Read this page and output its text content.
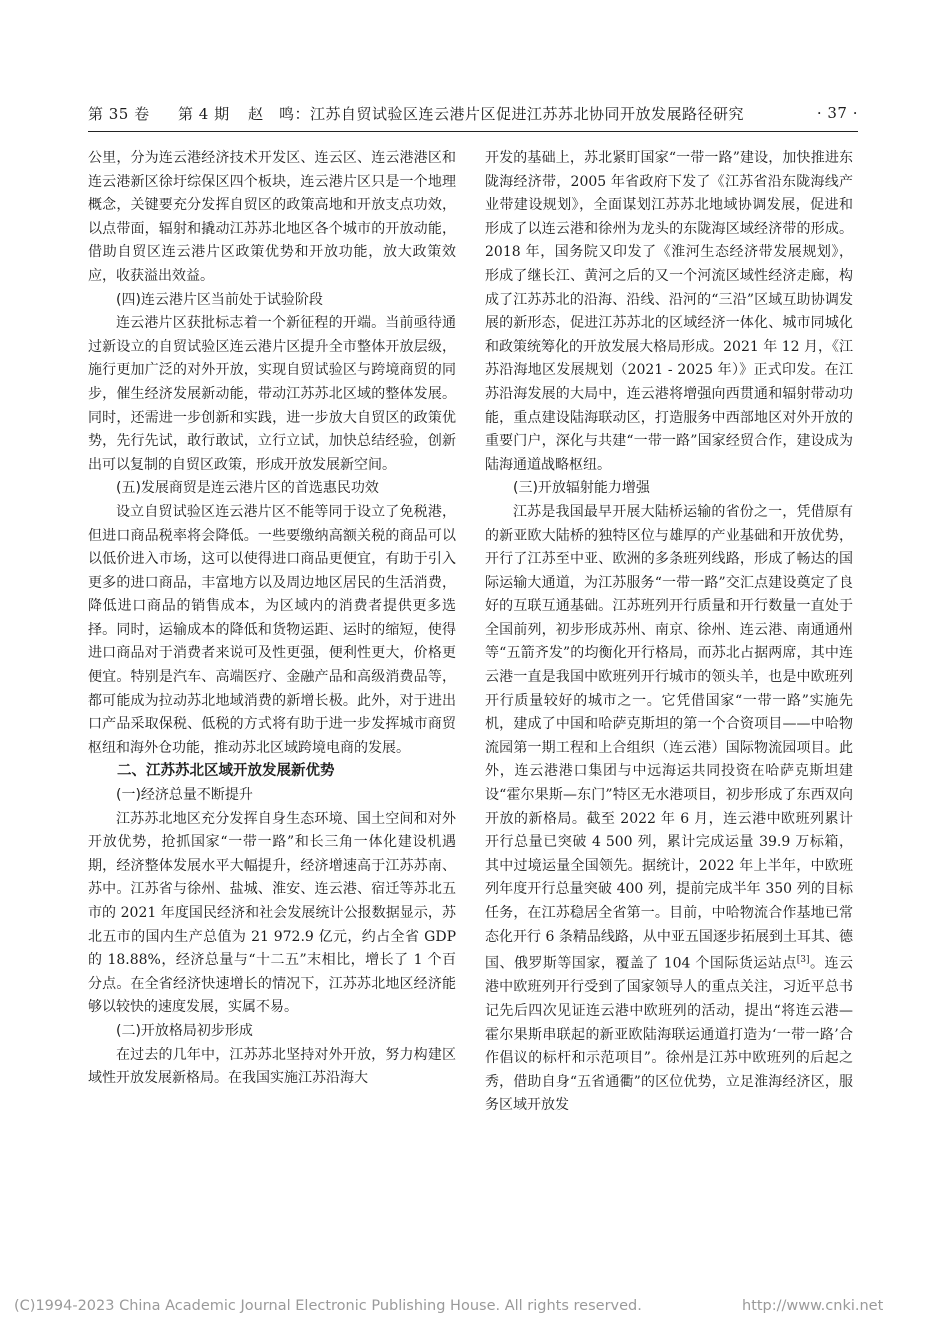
第 35 卷	第 4 期	赵　鸣：江苏自贸试验区连云港片区促进江苏苏北协同开放发展路径研究	· 37 ·

公里，分为连云港经济技术开发区、连云区、连云港港区和连云港新区徐圩综保区四个板块，连云港片区只是一个地理概念，关键要充分发挥自贸区的政策高地和开放支点功效，以点带面，辐射和撬动江苏苏北地区各个城市的开放动能，借助自贸区连云港片区政策优势和开放功能，放大政策效应，收获溢出效益。

(四)连云港片区当前处于试验阶段

连云港片区获批标志着一个新征程的开端。当前亟待通过新设立的自贸试验区连云港片区提升全市整体开放层级，施行更加广泛的对外开放，实现自贸试验区与跨境商贸的同步，催生经济发展新动能，带动江苏苏北区域的整体发展。同时，还需进一步创新和实践，进一步放大自贸区的政策优势，先行先试，敢行敢试，立行立试，加快总结经验，创新出可以复制的自贸区政策，形成开放发展新空间。

(五)发展商贸是连云港片区的首选惠民功效

设立自贸试验区连云港片区不能等同于设立了免税港，但进口商品税率将会降低。一些要缴纳高额关税的商品可以以低价进入市场，这可以使得进口商品更便宜，有助于引入更多的进口商品，丰富地方以及周边地区居民的生活消费，降低进口商品的销售成本，为区域内的消费者提供更多选择。同时，运输成本的降低和货物运距、运时的缩短，使得进口商品对于消费者来说可及性更强，便利性更大，价格更便宜。特别是汽车、高端医疗、金融产品和高级消费品等，都可能成为拉动苏北地域消费的新增长极。此外，对于进出口产品采取保税、低税的方式将有助于进一步发挥城市商贸枢纽和海外仓功能，推动苏北区域跨境电商的发展。

二、江苏苏北区域开放发展新优势
(一)经济总量不断提升

江苏苏北地区充分发挥自身生态环境、国土空间和对外开放优势，抢抓国家“一带一路”和长三角一体化建设机遇期，经济整体发展水平大幅提升，经济增速高于江苏苏南、苏中。江苏省与徐州、盐城、淮安、连云港、宿迁等苏北五市的 2021 年度国民经济和社会发展统计公报数据显示，苏北五市的国内生产总值为 21 972.9 亿元，约占全省 GDP 的 18.88%，经济总量与“十二五”末相比，增长了 1 个百分点。在全省经济快速增长的情况下，江苏苏北地区经济能够以较快的速度发展，实属不易。

(二)开放格局初步形成

在过去的几年中，江苏苏北坚持对外开放，努力构建区域性开放发展新格局。在我国实施江苏沿海大

开发的基础上，苏北紧盯国家“一带一路”建设，加快推进东陇海经济带，2005 年省政府下发了《江苏省沿东陇海线产业带建设规划》，全面谋划江苏苏北地域协调发展，促进和形成了以连云港和徐州为龙头的东陇海区域经济带的形成。2018 年，国务院又印发了《淮河生态经济带发展规划》，形成了继长江、黄河之后的又一个河流区域性经济走廊，构成了江苏苏北的沿海、沿线、沿河的“三沿”区域互助协调发展的新形态，促进江苏苏北的区域经济一体化、城市同城化和政策统筹化的开放发展大格局形成。2021 年 12 月，《江苏沿海地区发展规划（2021 - 2025 年）》正式印发。在江苏沿海发展的大局中，连云港将增强向西贯通和辐射带动功能，重点建设陆海联动区，打造服务中西部地区对外开放的重要门户，深化与共建“一带一路”国家经贸合作，建设成为陆海通道战略枢纽。

(三)开放辐射能力增强

江苏是我国最早开展大陆桥运输的省份之一，凭借原有的新亚欧大陆桥的独特区位与雄厚的产业基础和开放优势，开行了江苏至中亚、欧洲的多条班列线路，形成了畅达的国际运输大通道，为江苏服务“一带一路”交汇点建设奠定了良好的互联互通基础。江苏班列开行质量和开行数量一直处于全国前列，初步形成苏州、南京、徐州、连云港、南通通州等“五箭齐发”的均衡化开行格局，而苏北占据两席，其中连云港一直是我国中欧班列开行城市的领头羊，也是中欧班列开行质量较好的城市之一。它凭借国家“一带一路”实施先机，建成了中国和哈萨克斯坦的第一个合资项目——中哈物流园第一期工程和上合组织（连云港）国际物流园项目。此外，连云港港口集团与中远海运共同投资在哈萨克斯坦建设“霍尔果斯—东门”特区无水港项目，初步形成了东西双向开放的新格局。截至 2022 年 6 月，连云港中欧班列累计开行总量已突破 4 500 列，累计完成运量 39.9 万标箱，其中过境运量全国领先。据统计，2022 年上半年，中欧班列年度开行总量突破 400 列，提前完成半年 350 列的目标任务，在江苏稳居全省第一。目前，中哈物流合作基地已常态化开行 6 条精品线路，从中亚五国逐步拓展到土耳其、德国、俄罗斯等国家，覆盖了 104 个国际货运站点[3]。连云港中欧班列开行受到了国家领导人的重点关注，习近平总书记先后四次见证连云港中欧班列的活动，提出“将连云港—霍尔果斯串联起的新亚欧陆海联运通道打造为‘一带一路’合作倡议的标杆和示范项目”。徐州是江苏中欧班列的后起之秀，借助自身“五省通衢”的区位优势，立足淮海经济区，服务区域开放发

(C)1994-2023 China Academic Journal Electronic Publishing House. All rights reserved.	http://www.cnki.net
